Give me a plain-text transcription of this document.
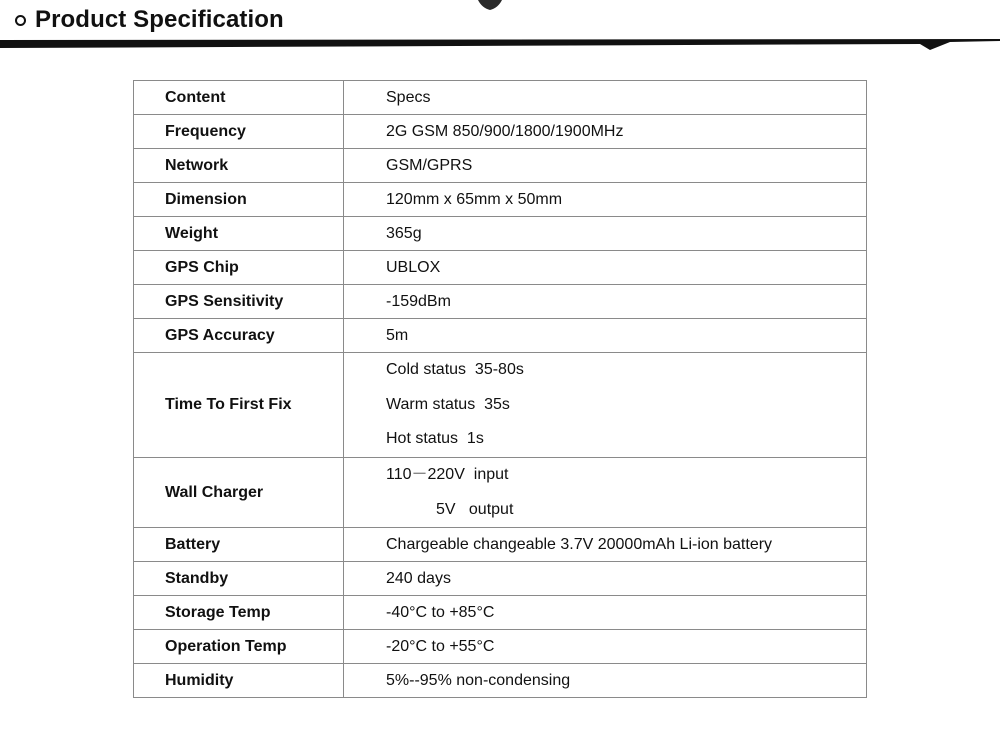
Product Specification
Content	Specs
Frequency	2G GSM 850/900/1800/1900MHz
Network	GSM/GPRS
Dimension	120mm x 65mm x 50mm
Weight	365g
GPS Chip	UBLOX
GPS Sensitivity	-159dBm
GPS Accuracy	5m
Time To First Fix	Cold status  35-80s
Warm status  35s
Hot status  1s

Wall Charger	110－220V  input
5V   output

Battery	Chargeable changeable 3.7V 20000mAh Li-ion battery
Standby	240 days
Storage Temp	-40°C to +85°C
Operation Temp	-20°C to +55°C
Humidity	5%--95% non-condensing
